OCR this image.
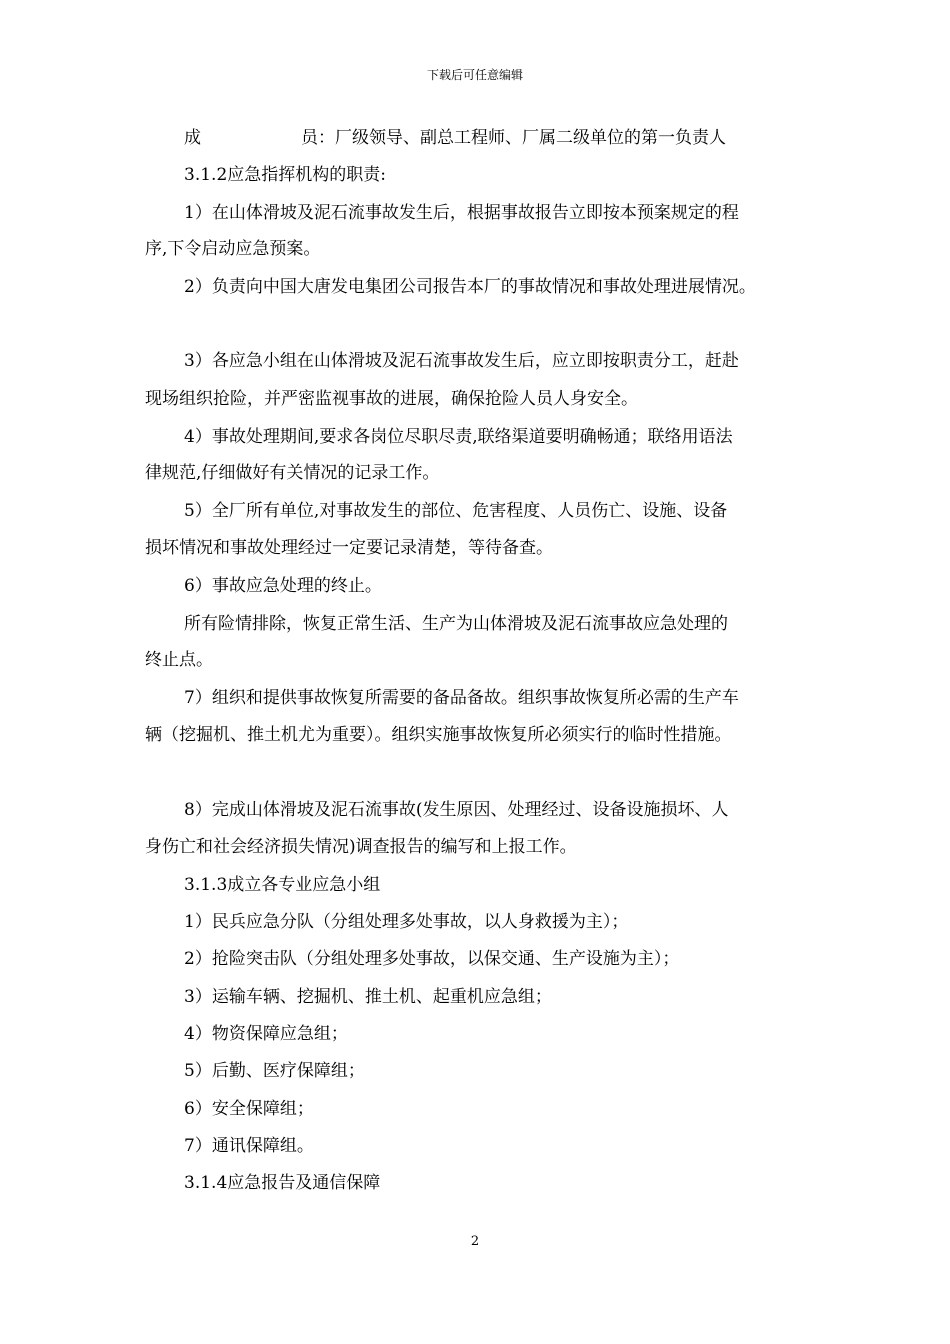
下载后可任意编辑
成	员：厂级领导、副总工程师、厂属二级单位的第一负责人
3.1.2应急指挥机构的职责:
1）在山体滑坡及泥石流事故发生后，根据事故报告立即按本预案规定的程
序,下令启动应急预案。
2）负责向中国大唐发电集团公司报告本厂的事故情况和事故处理进展情况。
3）各应急小组在山体滑坡及泥石流事故发生后，应立即按职责分工，赶赴
现场组织抢险，并严密监视事故的进展，确保抢险人员人身安全。
4）事故处理期间,要求各岗位尽职尽责,联络渠道要明确畅通；联络用语法
律规范,仔细做好有关情况的记录工作。
5）全厂所有单位,对事故发生的部位、危害程度、人员伤亡、设施、设备
损坏情况和事故处理经过一定要记录清楚，等待备查。
6）事故应急处理的终止。
所有险情排除，恢复正常生活、生产为山体滑坡及泥石流事故应急处理的
终止点。
7）组织和提供事故恢复所需要的备品备故。组织事故恢复所必需的生产车
辆（挖掘机、推土机尤为重要）。组织实施事故恢复所必须实行的临时性措施。
8）完成山体滑坡及泥石流事故(发生原因、处理经过、设备设施损坏、人
身伤亡和社会经济损失情况)调查报告的编写和上报工作。
3.1.3成立各专业应急小组
1）民兵应急分队（分组处理多处事故，以人身救援为主）；
2）抢险突击队（分组处理多处事故，以保交通、生产设施为主）；
3）运输车辆、挖掘机、推土机、起重机应急组；
4）物资保障应急组；
5）后勤、医疗保障组；
6）安全保障组；
7）通讯保障组。
3.1.4应急报告及通信保障
2
